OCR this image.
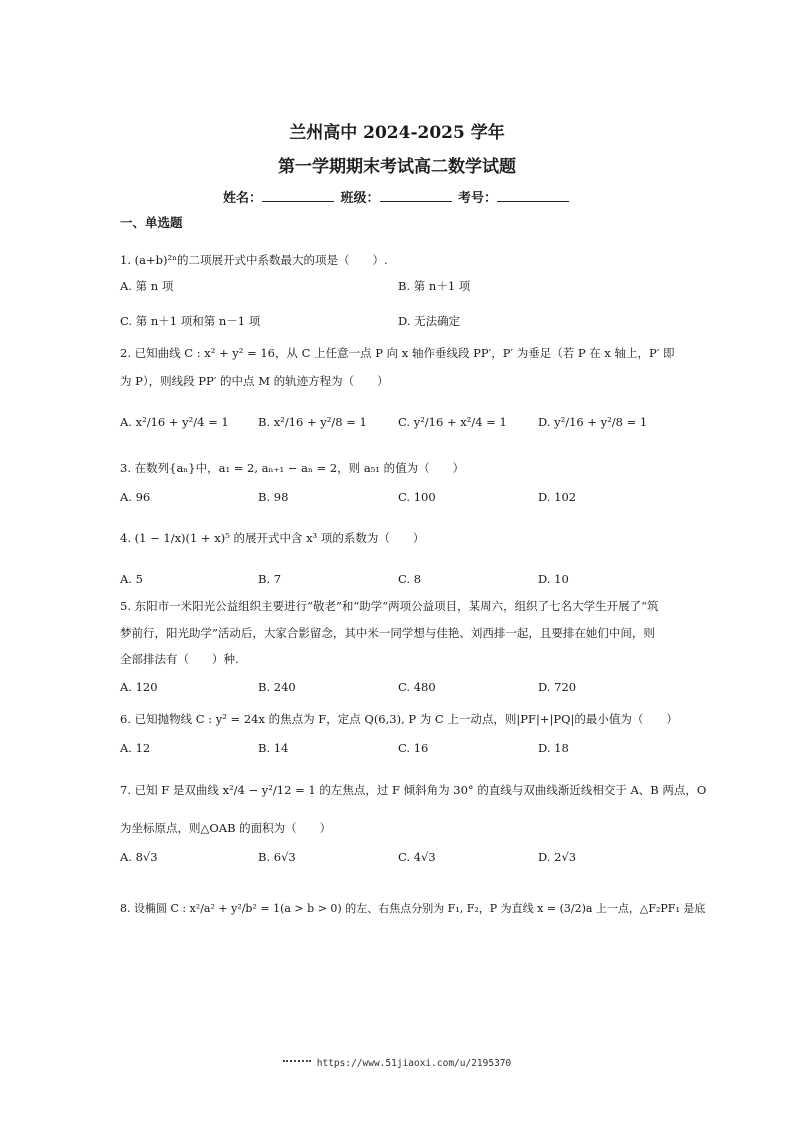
兰州高中 2024-2025 学年
第一学期期末考试高二数学试题
姓名：	班级：	考号：
一、单选题
1. (a+b)²ⁿ的二项展开式中系数最大的项是（　　）.
A. 第 n 项	B. 第 n＋1 项
C. 第 n＋1 项和第 n－1 项	D. 无法确定
2. 已知曲线 C : x² + y² = 16，从 C 上任意一点 P 向 x 轴作垂线段 PP′，P′ 为垂足（若 P 在 x 轴上，P′ 即
为 P），则线段 PP′ 的中点 M 的轨迹方程为（　　）
A. x²/16 + y²/4 = 1	B. x²/16 + y²/8 = 1	C. y²/16 + x²/4 = 1	D. y²/16 + y²/8 = 1
3. 在数列{aₙ}中，a₁ = 2, aₙ₊₁ − aₙ = 2，则 a₅₁ 的值为（　　）
A. 96	B. 98	C. 100	D. 102
4. (1 − 1/x)(1 + x)⁵ 的展开式中含 x³ 项的系数为（　　）
A. 5	B. 7	C. 8	D. 10
5. 东阳市一米阳光公益组织主要进行“敬老”和“助学”两项公益项目，某周六，组织了七名大学生开展了“筑
梦前行，阳光助学”活动后，大家合影留念，其中米一同学想与佳艳、刘西排一起，且要排在她们中间，则
全部排法有（　　）种.
A. 120	B. 240	C. 480	D. 720
6. 已知抛物线 C : y² = 24x 的焦点为 F，定点 Q(6,3), P 为 C 上一动点，则|PF|+|PQ|的最小值为（　　）
A. 12	B. 14	C. 16	D. 18
7. 已知 F 是双曲线 x²/4 − y²/12 = 1 的左焦点，过 F 倾斜角为 30° 的直线与双曲线渐近线相交于 A、B 两点，O
为坐标原点，则△OAB 的面积为（　　）
A. 8√3	B. 6√3	C. 4√3	D. 2√3
8. 设椭圆 C : x²/a² + y²/b² = 1(a > b > 0) 的左、右焦点分别为 F₁, F₂，P 为直线 x = (3/2)a 上一点，△F₂PF₁ 是底
https://www.51jiaoxi.com/u/2195370
